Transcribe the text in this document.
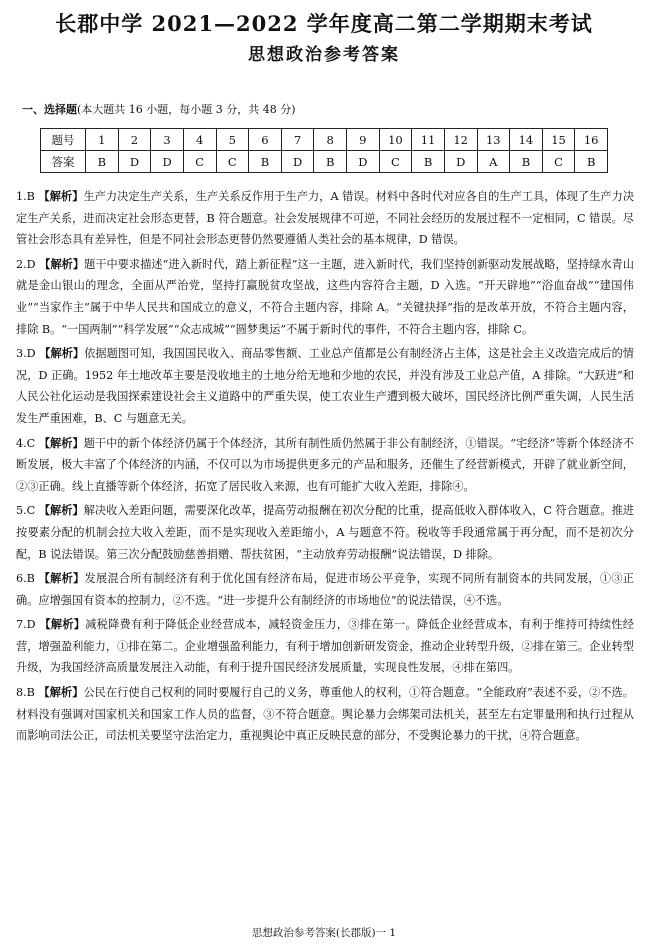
长郡中学 2021—2022 学年度高二第二学期期末考试
思想政治参考答案
一、选择题(本大题共 16 小题，每小题 3 分，共 48 分)
题号	1	2	3	4	5	6	7	8	9	10	11	12	13	14	15	16
答案	B	D	D	C	C	B	D	B	D	C	B	D	A	B	C	B
1.B 【解析】生产力决定生产关系，生产关系反作用于生产力，A 错误。材料中各时代对应各自的生产工具，体现了生产力决定生产关系，进而决定社会形态更替，B 符合题意。社会发展规律不可逆，不同社会经历的发展过程不一定相同，C 错误。尽管社会形态具有差异性，但是不同社会形态更替仍然要遵循人类社会的基本规律，D 错误。
2.D 【解析】题干中要求描述“进入新时代，踏上新征程”这一主题，进入新时代，我们坚持创新驱动发展战略，坚持绿水青山就是金山银山的理念，全面从严治党，坚持打赢脱贫攻坚战，这些内容符合主题，D 入选。“开天辟地”“浴血奋战”“建国伟业”“当家作主”属于中华人民共和国成立的意义，不符合主题内容，排除 A。“关键抉择”指的是改革开放，不符合主题内容，排除 B。“一国两制”“科学发展”“众志成城”“圆梦奥运”不属于新时代的事件，不符合主题内容，排除 C。
3.D 【解析】依据题图可知，我国国民收入、商品零售额、工业总产值都是公有制经济占主体，这是社会主义改造完成后的情况，D 正确。1952 年土地改革主要是没收地主的土地分给无地和少地的农民，并没有涉及工业总产值，A 排除。“大跃进”和人民公社化运动是我国探索建设社会主义道路中的严重失误，使工农业生产遭到极大破坏，国民经济比例严重失调，人民生活发生严重困难，B、C 与题意无关。
4.C 【解析】题干中的新个体经济仍属于个体经济，其所有制性质仍然属于非公有制经济，①错误。“宅经济”等新个体经济不断发展，极大丰富了个体经济的内涵，不仅可以为市场提供更多元的产品和服务，还催生了经营新模式，开辟了就业新空间，②③正确。线上直播等新个体经济，拓宽了居民收入来源，也有可能扩大收入差距，排除④。
5.C 【解析】解决收入差距问题，需要深化改革，提高劳动报酬在初次分配的比重，提高低收入群体收入，C 符合题意。推进按要素分配的机制会拉大收入差距，而不是实现收入差距缩小，A 与题意不符。税收等手段通常属于再分配，而不是初次分配，B 说法错误。第三次分配鼓励慈善捐赠、帮扶贫困，“主动放弃劳动报酬”说法错误，D 排除。
6.B 【解析】发展混合所有制经济有利于优化国有经济布局，促进市场公平竞争，实现不同所有制资本的共同发展，①③正确。应增强国有资本的控制力，②不选。“进一步提升公有制经济的市场地位”的说法错误，④不选。
7.D 【解析】减税降费有利于降低企业经营成本，减轻资金压力，③排在第一。降低企业经营成本，有利于维持可持续性经营，增强盈利能力，①排在第二。企业增强盈利能力，有利于增加创新研发资金，推动企业转型升级，②排在第三。企业转型升级，为我国经济高质量发展注入动能，有利于提升国民经济发展质量，实现良性发展，④排在第四。
8.B 【解析】公民在行使自己权利的同时要履行自己的义务，尊重他人的权利，①符合题意。“全能政府”表述不妥，②不选。材料没有强调对国家机关和国家工作人员的监督，③不符合题意。舆论暴力会绑架司法机关，甚至左右定罪量刑和执行过程从而影响司法公正，司法机关要坚守法治定力，重视舆论中真正反映民意的部分，不受舆论暴力的干扰，④符合题意。
思想政治参考答案(长郡版)一 1
